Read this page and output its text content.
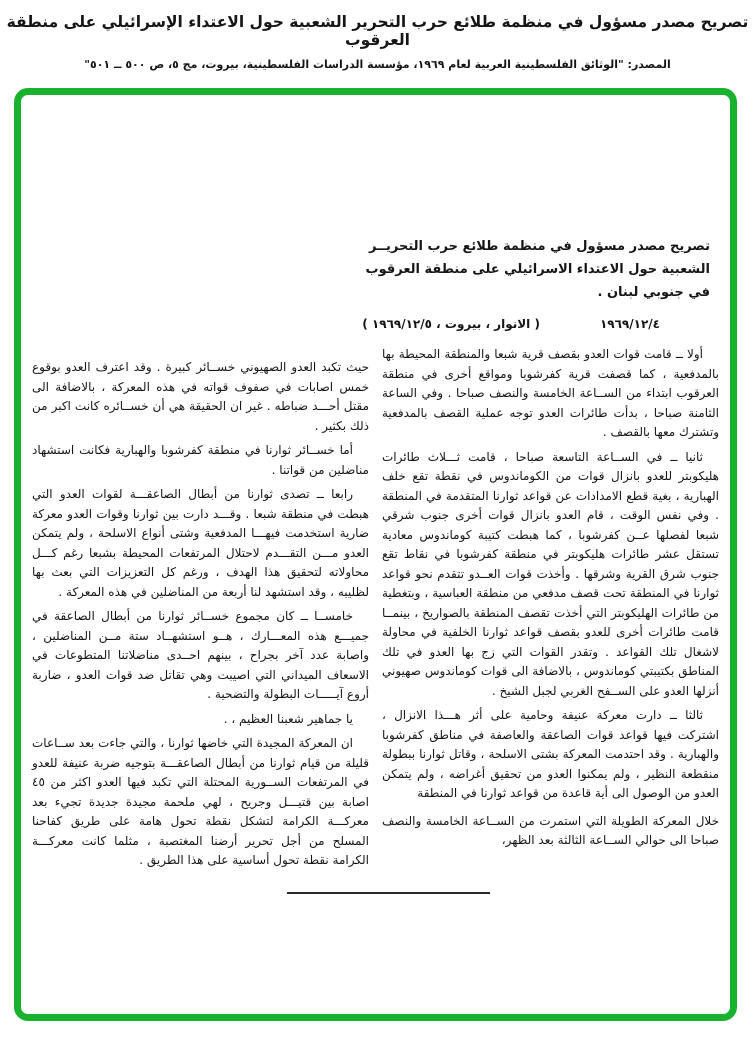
تصريح مصدر مسؤول في منظمة طلائع حرب التحرير الشعبية حول الاعتداء الإسرائيلي على منطقة العرقوب
المصدر: "الوثائق الفلسطينية العربية لعام ١٩٦٩، مؤسسة الدراسات الفلسطينية، بيروت، مج ٥، ص ٥٠٠ ــ ٥٠١"
تصريح مصدر مسؤول في منظمة طلائع حرب التحريــر
الشعبية حول الاعتداء الاسرائيلي على منطقة العرقوب
في جنوبي لبنان .
١٩٦٩/١٢/٤
( الانوار ، بيروت ، ١٩٦٩/١٢/٥ )

أولا ــ قامت قوات العدو بقصف قرية شبعا والمنطقة المحيطة بها بالمدفعية ، كما قصفت قرية كفرشوبا ومواقع أخرى في منطقة العرقوب ابتداء من الســاعة الخامسة والنصف صباحا . وفي الساعة الثامنة صباحا ، بدأت طائرات العدو توجه عملية القصف بالمدفعية وتشترك معها بالقصف .

ثانيا ــ في الســاعة التاسعة صباحا ، قامت ثـــلاث طائرات هليكوبتر للعدو بانزال قوات من الكوماندوس في نقطة تقع خلف الهبارية ، بغية قطع الامدادات عن قواعد ثوارنا المتقدمة في المنطقة . وفي نفس الوقت ، قام العدو بانزال قوات أخرى جنوب شرقي شبعا لفصلها عــن كفرشوبا ، كما هبطت كتيبة كوماندوس معادية تستقل عشر طائرات هليكوبتر في منطقة كفرشوبا في نقاط تقع جنوب شرق القرية وشرقها . وأخذت قوات العــدو تتقدم نحو قواعد ثوارنا في المنطقة تحت قصف مدفعي من منطقة العباسية ، وبتغطية من طائرات الهليكوبتر التي أخذت تقصف المنطقة بالصواريخ ، بينمــا قامت طائرات أخرى للعدو بقصف قواعد ثوارنا الخلفية في محاولة لاشغال تلك القواعد . وتقدر القوات التي زج بها العدو في تلك المناطق بكتيبتي كوماندوس ، بالاضافة الى قوات كوماندوس صهيوني أنزلها العدو على الســفح الغربي لجبل الشيخ .

ثالثا ــ دارت معركة عنيفة وحامية على أثر هـــذا الانزال ، اشتركت فيها قواعد قوات الصاعقة والعاصفة في مناطق كفرشوبا والهبارية . وقد احتدمت المعركة بشتى الاسلحة ، وقاتل ثوارنا ببطولة منقطعة النظير ، ولم يمكنوا العدو من تحقيق أغراضه ، ولم يتمكن العدو من الوصول الى أية قاعدة من قواعد ثوارنا في المنطقة

خلال المعركة الطويلة التي استمرت من الســاعة الخامسة والنصف صباحا الى حوالي الســاعة الثالثة بعد الظهر،

حيث تكبد العدو الصهيوني خســائر كبيرة . وقد اعترف العدو بوقوع خمس اصابات في صفوف قواته في هذه المعركة ، بالاضافة الى مقتل أحـــد ضباطه . غير ان الحقيقة هي أن خســائره كانت اكبر من ذلك بكثير .

أما خســائر ثوارنا في منطقة كفرشوبا والهبارية فكانت استشهاد مناضلين من قواتنا .

رابعا ــ تصدى ثوارنا من أبطال الصاعقـــة لقوات العدو التي هبطت في منطقة شبعا . وقـــد دارت بين ثوارنا وقوات العدو معركة ضارية استخدمت فيهـــا المدفعية وشتى أنواع الاسلحة ، ولم يتمكن العدو مـــن التقـــدم لاحتلال المرتفعات المحيطة بشبعا رغم كـــل محاولاته لتحقيق هذا الهدف ، ورغم كل التعزيزات التي بعث بها لظليبه ، وقد استشهد لنا أربعة من المناضلين في هذه المعركة .

خامســا ــ كان مجموع خســائر ثوارنا من أبطال الصاعقة في جميـــع هذه المعـــارك ، هــو استشهــاد ستة مــن المناضلين ، واصابة عدد آخر بجراح ، بينهم احــدى مناضلاتنا المتطوعات في الاسعاف الميداني التي اصيبت وهي تقاتل ضد قوات العدو ، ضاربة أروع آيـــــات البطولة والتضحية .

يا جماهير شعبنا العظيم ، .

ان المعركة المجيدة التي خاضها ثوارنا ، والتي جاءت بعد ســاعات قليلة من قيام ثوارنا من أبطال الصاعقـــة بتوجيه ضربة عنيفة للعدو في المرتفعات الســورية المحتلة التي تكبد فيها العدو اكثر من ٤٥ اصابة بين قتيـــل وجريح ، لهي ملحمة مجيدة جديدة تجيء بعد معركـــة الكرامة لتشكل نقطة تحول هامة على طريق كفاحنا المسلح من أجل تحرير أرضنا المغتصبة ، مثلما كانت معركـــة الكرامة نقطة تحول أساسية على هذا الطريق .
